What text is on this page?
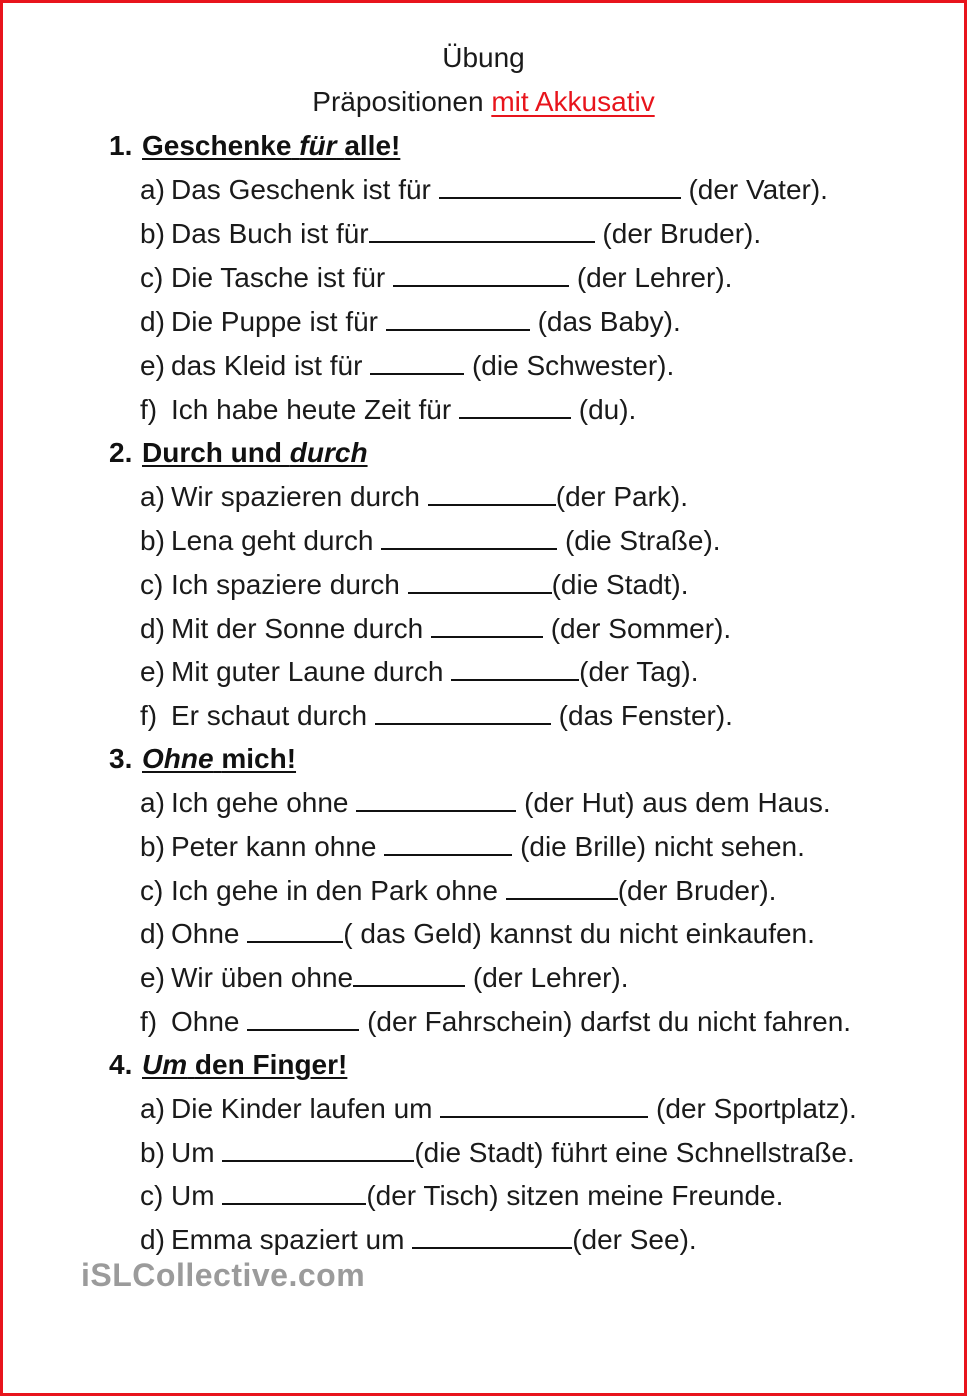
Übung
Präpositionen mit Akkusativ
1. Geschenke für alle!
a) Das Geschenk ist für	(der Vater).
b) Das Buch ist für	(der Bruder).
c) Die Tasche ist für	(der Lehrer).
d) Die Puppe ist für	(das Baby).
e) das Kleid ist für	(die Schwester).
f) Ich habe heute Zeit für	(du).
2. Durch und durch
a) Wir spazieren durch	(der Park).
b) Lena geht durch	(die Straße).
c) Ich spaziere durch	(die Stadt).
d) Mit der Sonne durch	(der Sommer).
e) Mit guter Laune durch	(der Tag).
f) Er schaut durch	(das Fenster).
3. Ohne mich!
a) Ich gehe ohne	(der Hut) aus dem Haus.
b) Peter kann ohne	(die Brille) nicht sehen.
c) Ich gehe in den Park ohne	(der Bruder).
d) Ohne	( das Geld) kannst du nicht einkaufen.
e) Wir üben ohne	(der Lehrer).
f) Ohne	(der Fahrschein) darfst du nicht fahren.
4. Um den Finger!
a) Die Kinder laufen um	(der Sportplatz).
b) Um	(die Stadt) führt eine Schnellstraße.
c) Um	(der Tisch) sitzen meine Freunde.
d) Emma spaziert um	(der See).
iSLCollective.com
